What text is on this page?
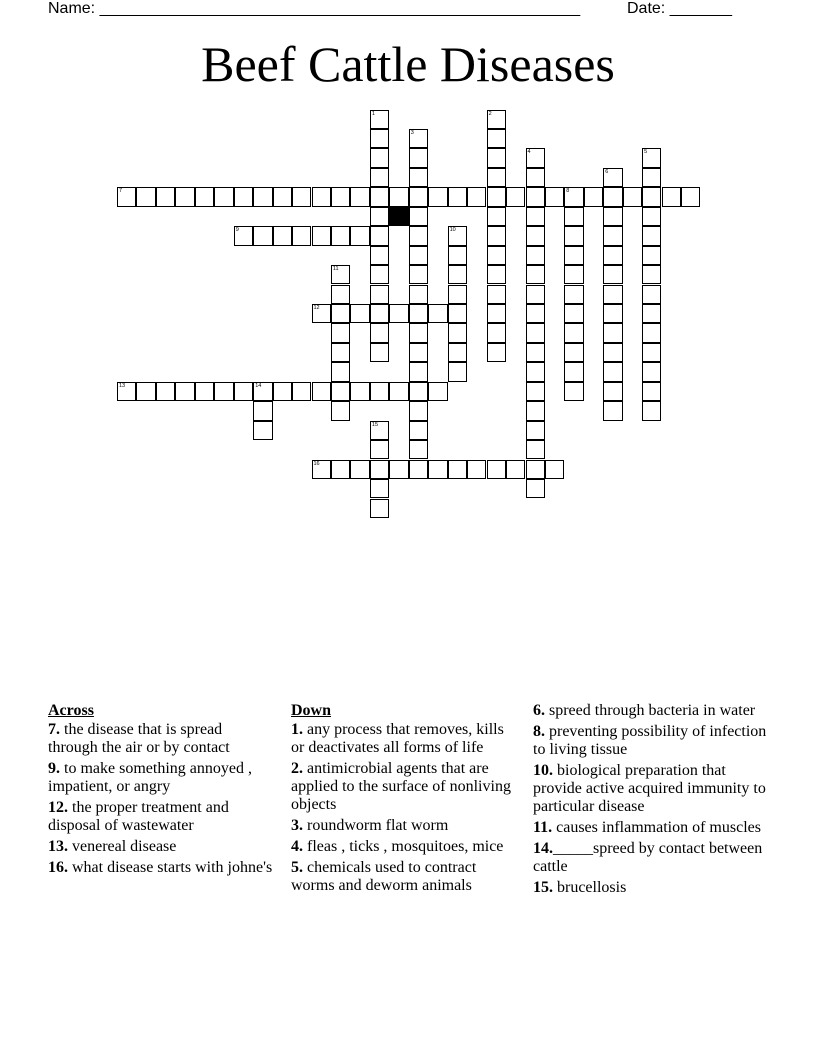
Name: ______________________________________________________

	Date: _______

Beef Cattle Diseases
7	8
9
12
13	14
16
1	2
3
4	5
6
10
11
15
Across
7. the disease that is spread through the air or by contact
9. to make something annoyed , impatient, or angry
12. the proper treatment and disposal of wastewater
13. venereal disease
16. what disease starts with johne's
Down
1. any process that removes, kills or deactivates all forms of life
2. antimicrobial agents that are applied to the surface of nonliving objects
3. roundworm flat worm
4. fleas , ticks , mosquitoes, mice
5. chemicals used to contract worms and deworm animals
6. spreed through bacteria in water
8. preventing possibility of infection to living tissue
10. biological preparation that provide active acquired immunity to particular disease
11. causes inflammation of muscles
14._____spreed by contact between cattle
15. brucellosis
